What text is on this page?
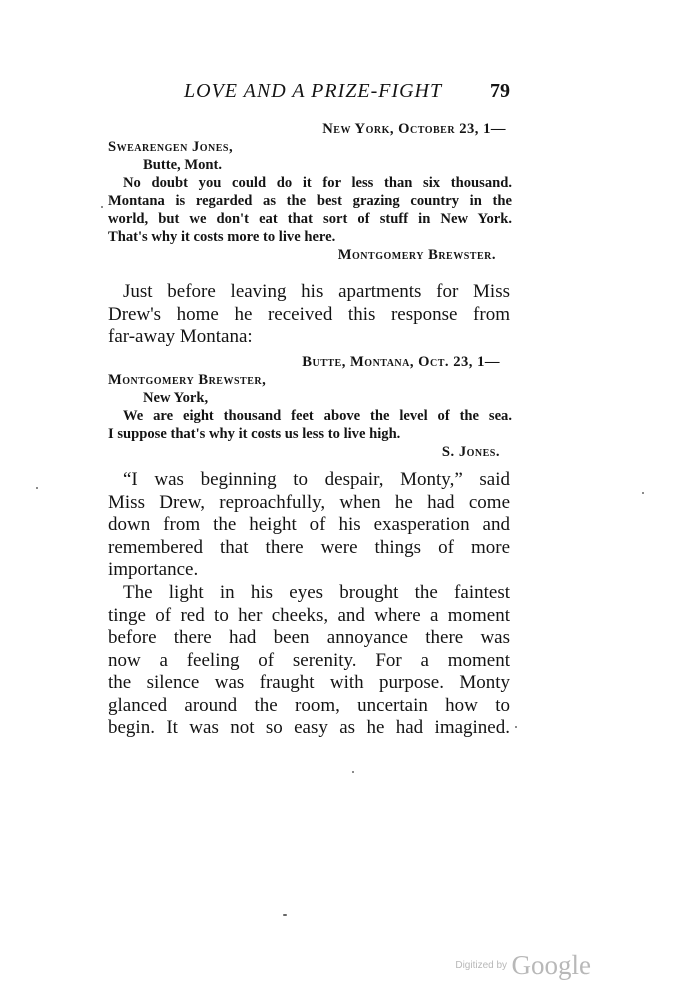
LOVE AND A PRIZE-FIGHT 79
New York, October 23, 1—
Swearengen Jones,
Butte, Mont.
No doubt you could do it for less than six thousand.
Montana is regarded as the best grazing country in the
world, but we don't eat that sort of stuff in New York.
That's why it costs more to live here.
Montgomery Brewster.
Just before leaving his apartments for Miss
Drew's home he received this response from
far-away Montana:
Butte, Montana, Oct. 23, 1—
Montgomery Brewster,
New York,
We are eight thousand feet above the level of the sea.
I suppose that's why it costs us less to live high.
S. Jones.
“I was beginning to despair, Monty,” said
Miss Drew, reproachfully, when he had come
down from the height of his exasperation and
remembered that there were things of more
importance.
The light in his eyes brought the faintest
tinge of red to her cheeks, and where a moment
before there had been annoyance there was
now a feeling of serenity. For a moment
the silence was fraught with purpose. Monty
glanced around the room, uncertain how to
begin. It was not so easy as he had imagined.
Digitized by Google
